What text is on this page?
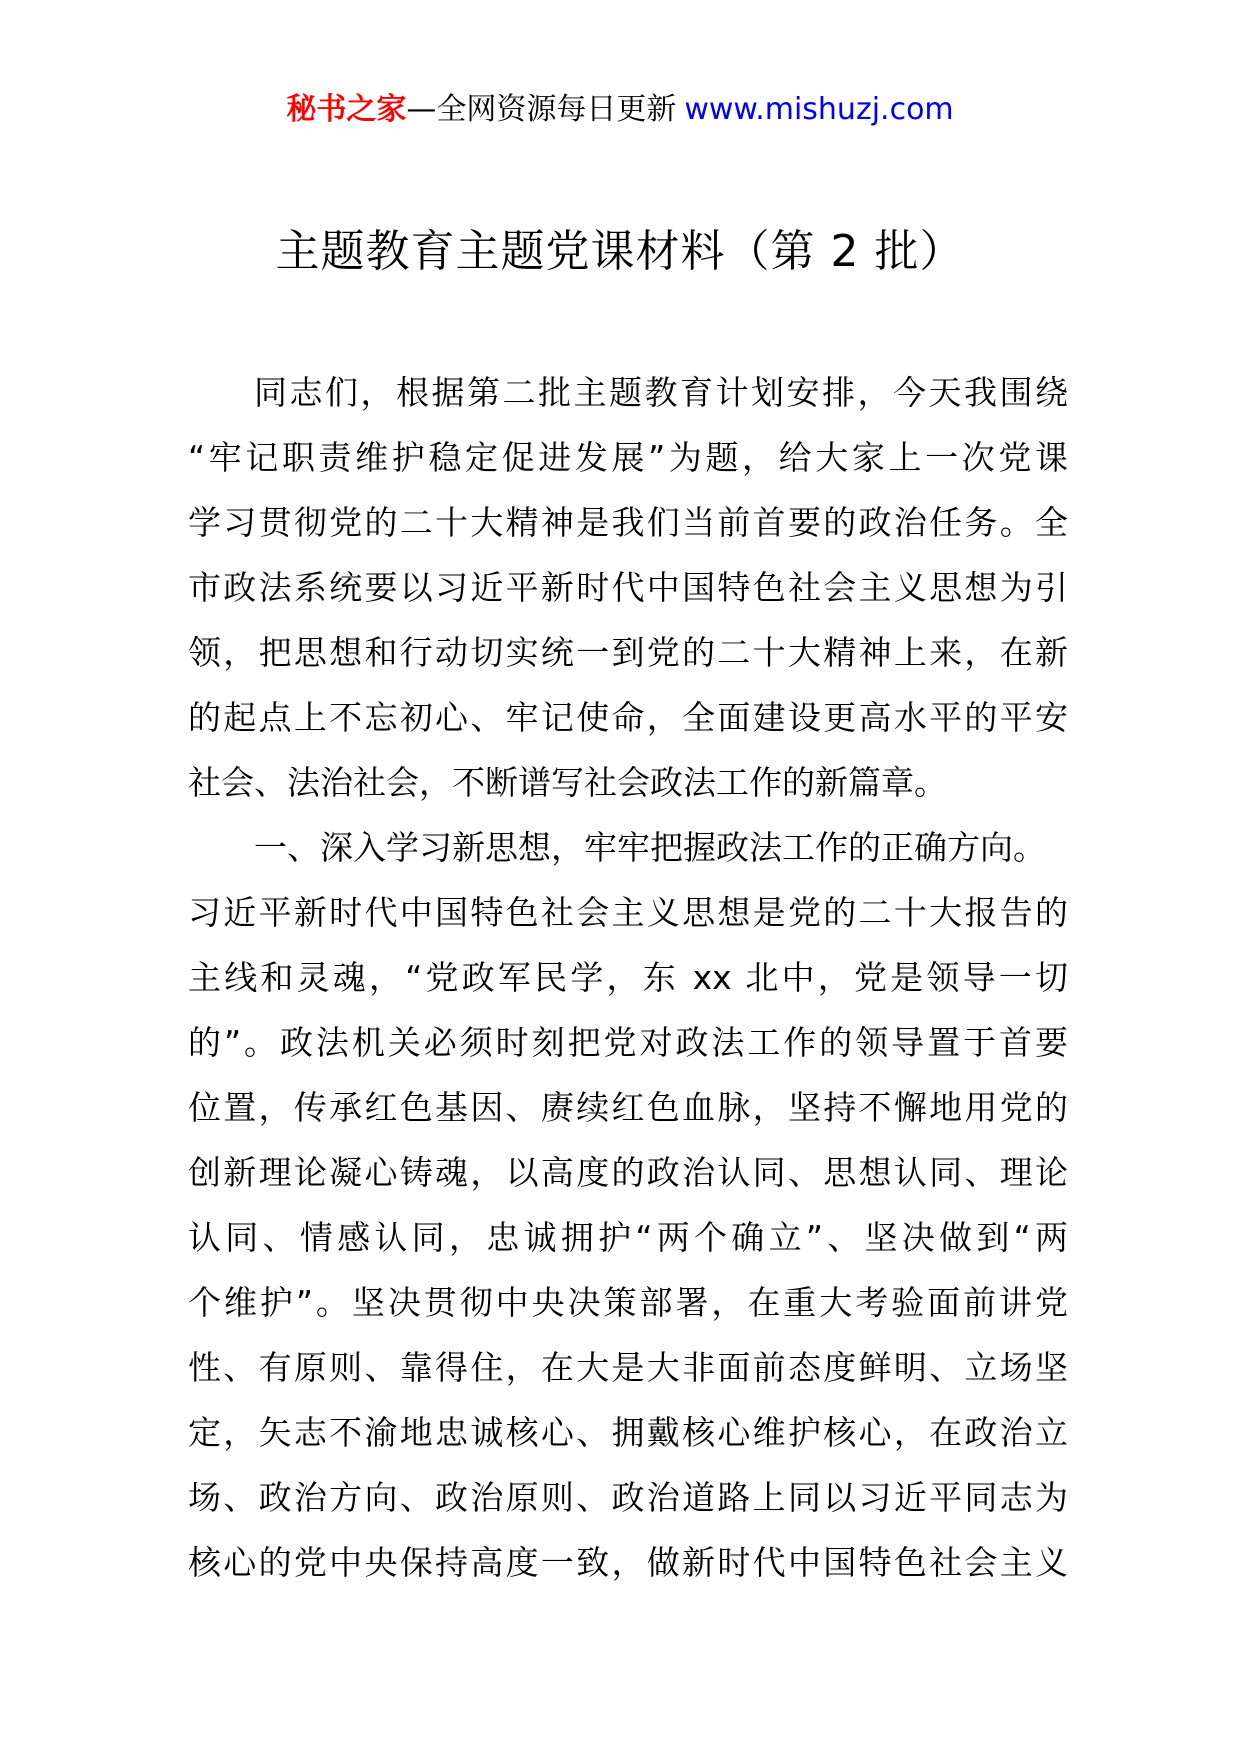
秘书之家—全网资源每日更新 www.mishuzj.com
主题教育主题党课材料（第 2 批）
同志们，根据第二批主题教育计划安排，今天我围绕
“牢记职责维护稳定促进发展”为题，给大家上一次党课
学习贯彻党的二十大精神是我们当前首要的政治任务。全
市政法系统要以习近平新时代中国特色社会主义思想为引
领，把思想和行动切实统一到党的二十大精神上来，在新
的起点上不忘初心、牢记使命，全面建设更高水平的平安
社会、法治社会，不断谱写社会政法工作的新篇章。
一、深入学习新思想，牢牢把握政法工作的正确方向。
习近平新时代中国特色社会主义思想是党的二十大报告的
主线和灵魂，“党政军民学，东 xx 北中，党是领导一切
的”。政法机关必须时刻把党对政法工作的领导置于首要
位置，传承红色基因、赓续红色血脉，坚持不懈地用党的
创新理论凝心铸魂，以高度的政治认同、思想认同、理论
认同、情感认同，忠诚拥护“两个确立”、坚决做到“两
个维护”。坚决贯彻中央决策部署，在重大考验面前讲党
性、有原则、靠得住，在大是大非面前态度鲜明、立场坚
定，矢志不渝地忠诚核心、拥戴核心维护核心，在政治立
场、政治方向、政治原则、政治道路上同以习近平同志为
核心的党中央保持高度一致，做新时代中国特色社会主义
